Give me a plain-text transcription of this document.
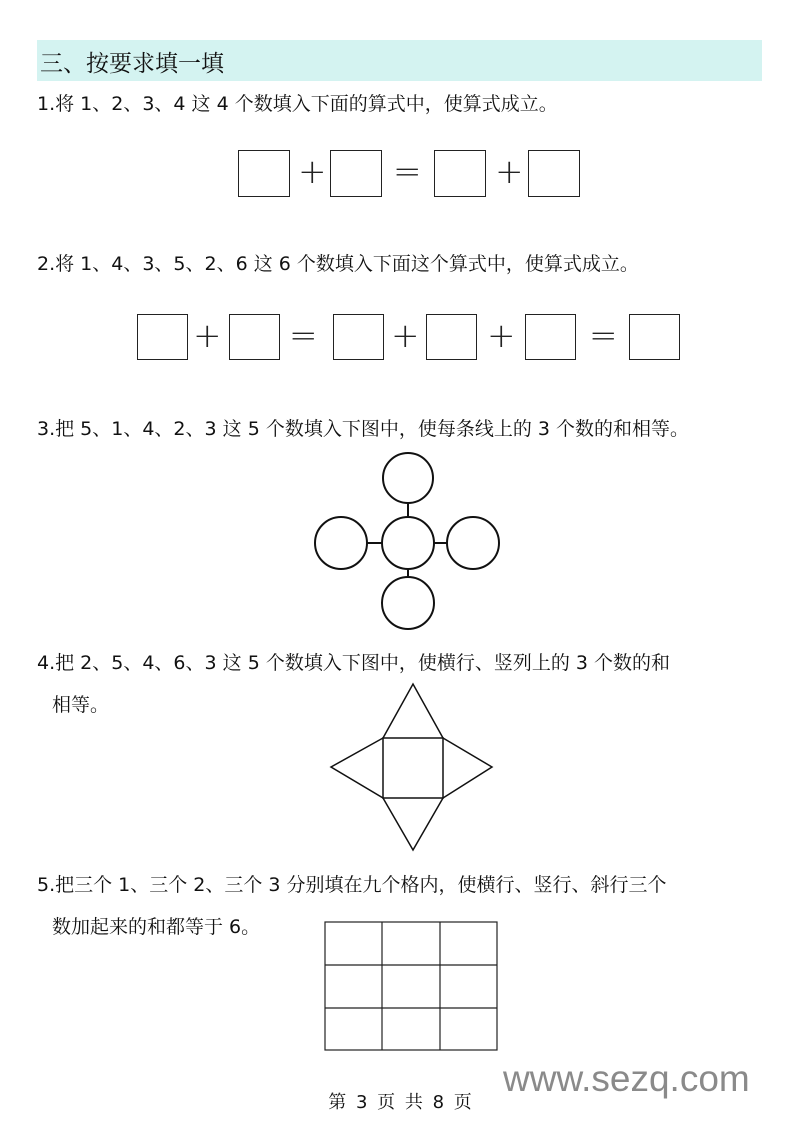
三、按要求填一填
1.将 1、2、3、4 这 4 个数填入下面的算式中，使算式成立。
+ = +
2.将 1、4、3、5、2、6 这 6 个数填入下面这个算式中，使算式成立。
+ = + + =
3.把 5、1、4、2、3 这 5 个数填入下图中，使每条线上的 3 个数的和相等。
4.把 2、5、4、6、3 这 5 个数填入下图中，使横行、竖列上的 3 个数的和
相等。
5.把三个 1、三个 2、三个 3 分别填在九个格内，使横行、竖行、斜行三个
数加起来的和都等于 6。
www.sezq.com
第 3 页 共 8 页
